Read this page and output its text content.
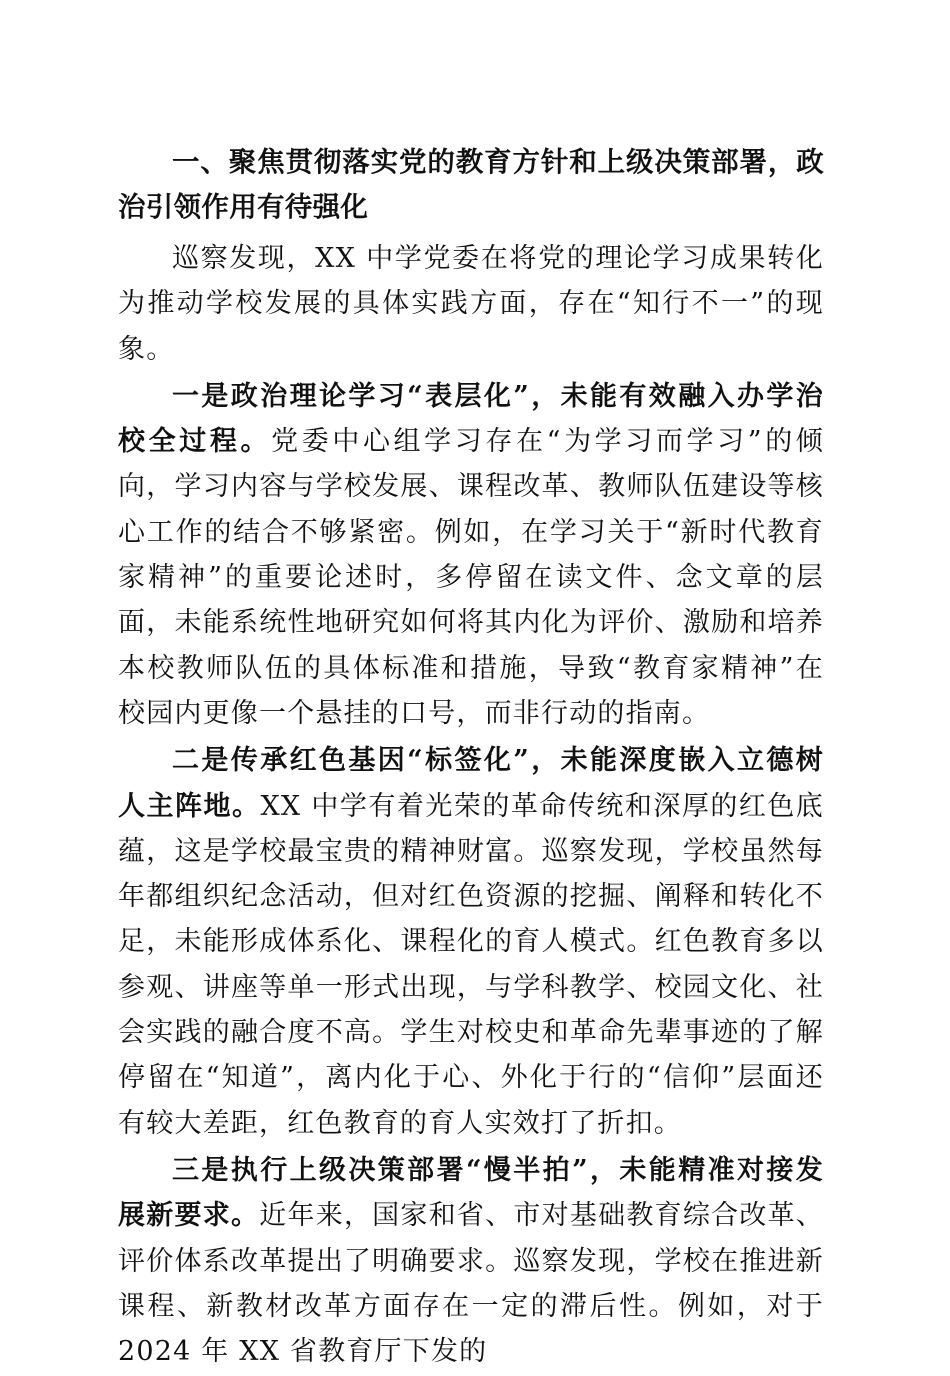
一、聚焦贯彻落实党的教育方针和上级决策部署，政治引领作用有待强化

巡察发现，XX 中学党委在将党的理论学习成果转化为推动学校发展的具体实践方面，存在“知行不一”的现象。

一是政治理论学习“表层化”，未能有效融入办学治校全过程。党委中心组学习存在“为学习而学习”的倾向，学习内容与学校发展、课程改革、教师队伍建设等核心工作的结合不够紧密。例如，在学习关于“新时代教育家精神”的重要论述时，多停留在读文件、念文章的层面，未能系统性地研究如何将其内化为评价、激励和培养本校教师队伍的具体标准和措施，导致“教育家精神”在校园内更像一个悬挂的口号，而非行动的指南。

二是传承红色基因“标签化”，未能深度嵌入立德树人主阵地。XX 中学有着光荣的革命传统和深厚的红色底蕴，这是学校最宝贵的精神财富。巡察发现，学校虽然每年都组织纪念活动，但对红色资源的挖掘、阐释和转化不足，未能形成体系化、课程化的育人模式。红色教育多以参观、讲座等单一形式出现，与学科教学、校园文化、社会实践的融合度不高。学生对校史和革命先辈事迹的了解停留在“知道”，离内化于心、外化于行的“信仰”层面还有较大差距，红色教育的育人实效打了折扣。

三是执行上级决策部署“慢半拍”，未能精准对接发展新要求。近年来，国家和省、市对基础教育综合改革、评价体系改革提出了明确要求。巡察发现，学校在推进新课程、新教材改革方面存在一定的滞后性。例如，对于 2024 年 XX 省教育厅下发的
